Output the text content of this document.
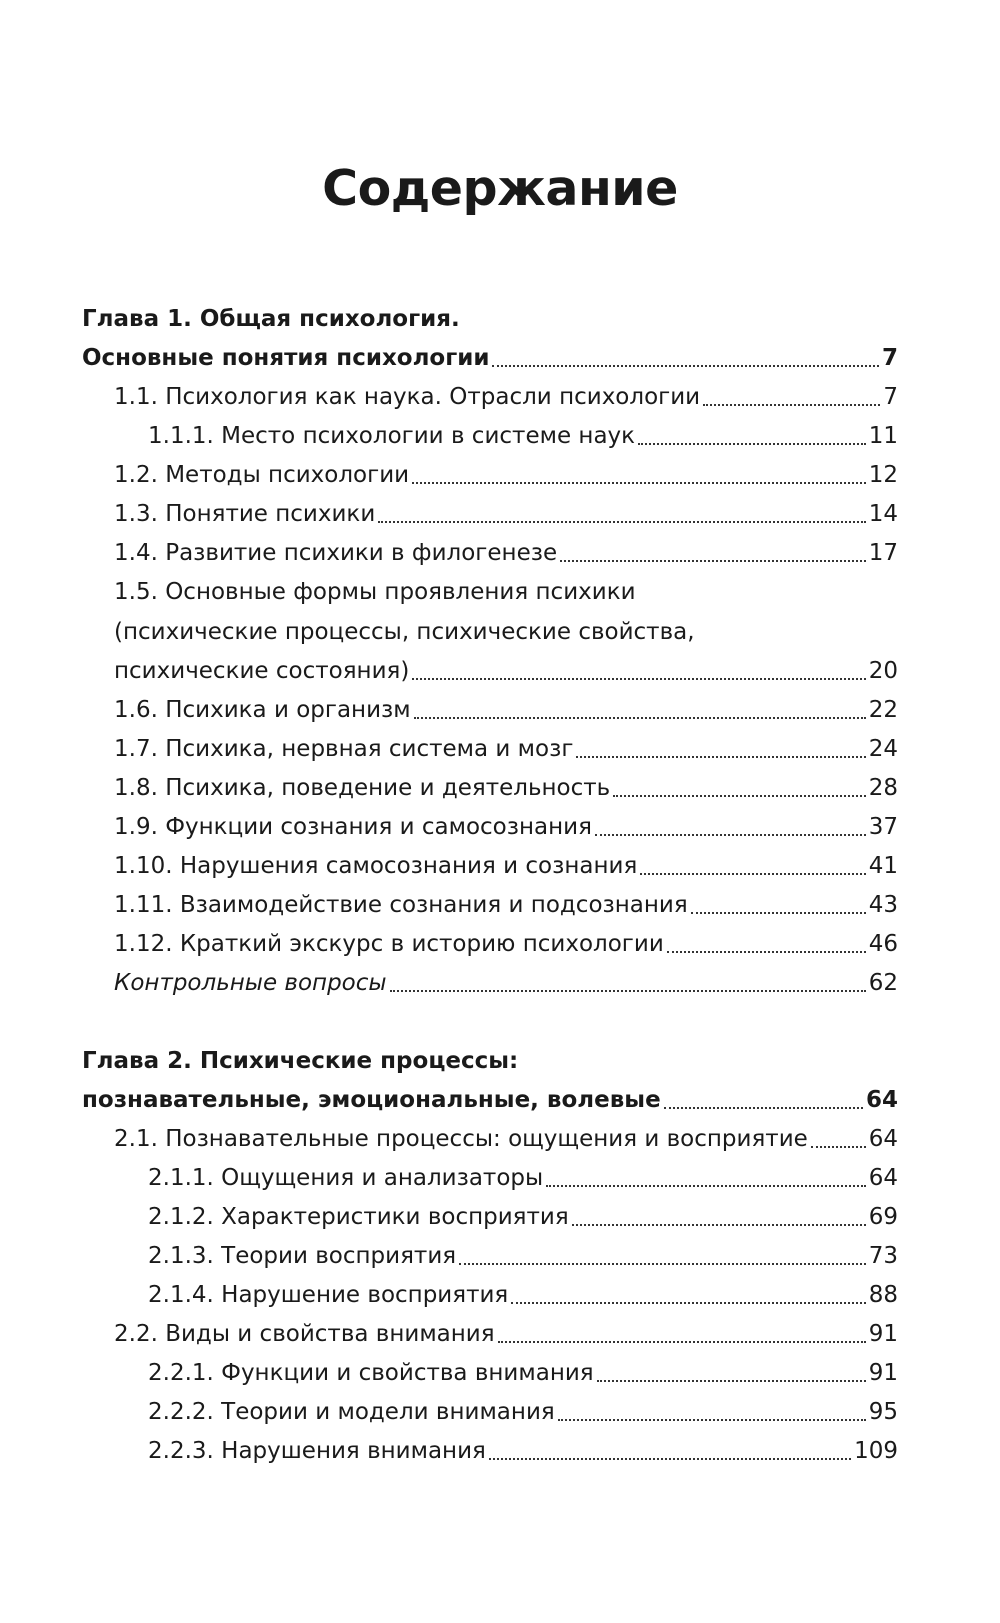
Содержание
Глава 1. Общая психология.
Основные понятия психологии	7
1.1. Психология как наука. Отрасли психологии	7
1.1.1. Место психологии в системе наук	11
1.2. Методы психологии	12
1.3. Понятие психики	14
1.4. Развитие психики в филогенезе	17
1.5. Основные формы проявления психики
(психические процессы, психические свойства,
психические состояния)	20
1.6. Психика и организм	22
1.7. Психика, нервная система и мозг	24
1.8. Психика, поведение и деятельность	28
1.9. Функции сознания и самосознания	37
1.10. Нарушения самосознания и сознания	41
1.11. Взаимодействие сознания и подсознания	43
1.12. Краткий экскурс в историю психологии	46
Контрольные вопросы	62
Глава 2. Психические процессы:
познавательные, эмоциональные, волевые	64
2.1. Познавательные процессы: ощущения и восприятие	64
2.1.1. Ощущения и анализаторы	64
2.1.2. Характеристики восприятия	69
2.1.3. Теории восприятия	73
2.1.4. Нарушение восприятия	88
2.2. Виды и свойства внимания	91
2.2.1. Функции и свойства внимания	91
2.2.2. Теории и модели внимания	95
2.2.3. Нарушения внимания	109
